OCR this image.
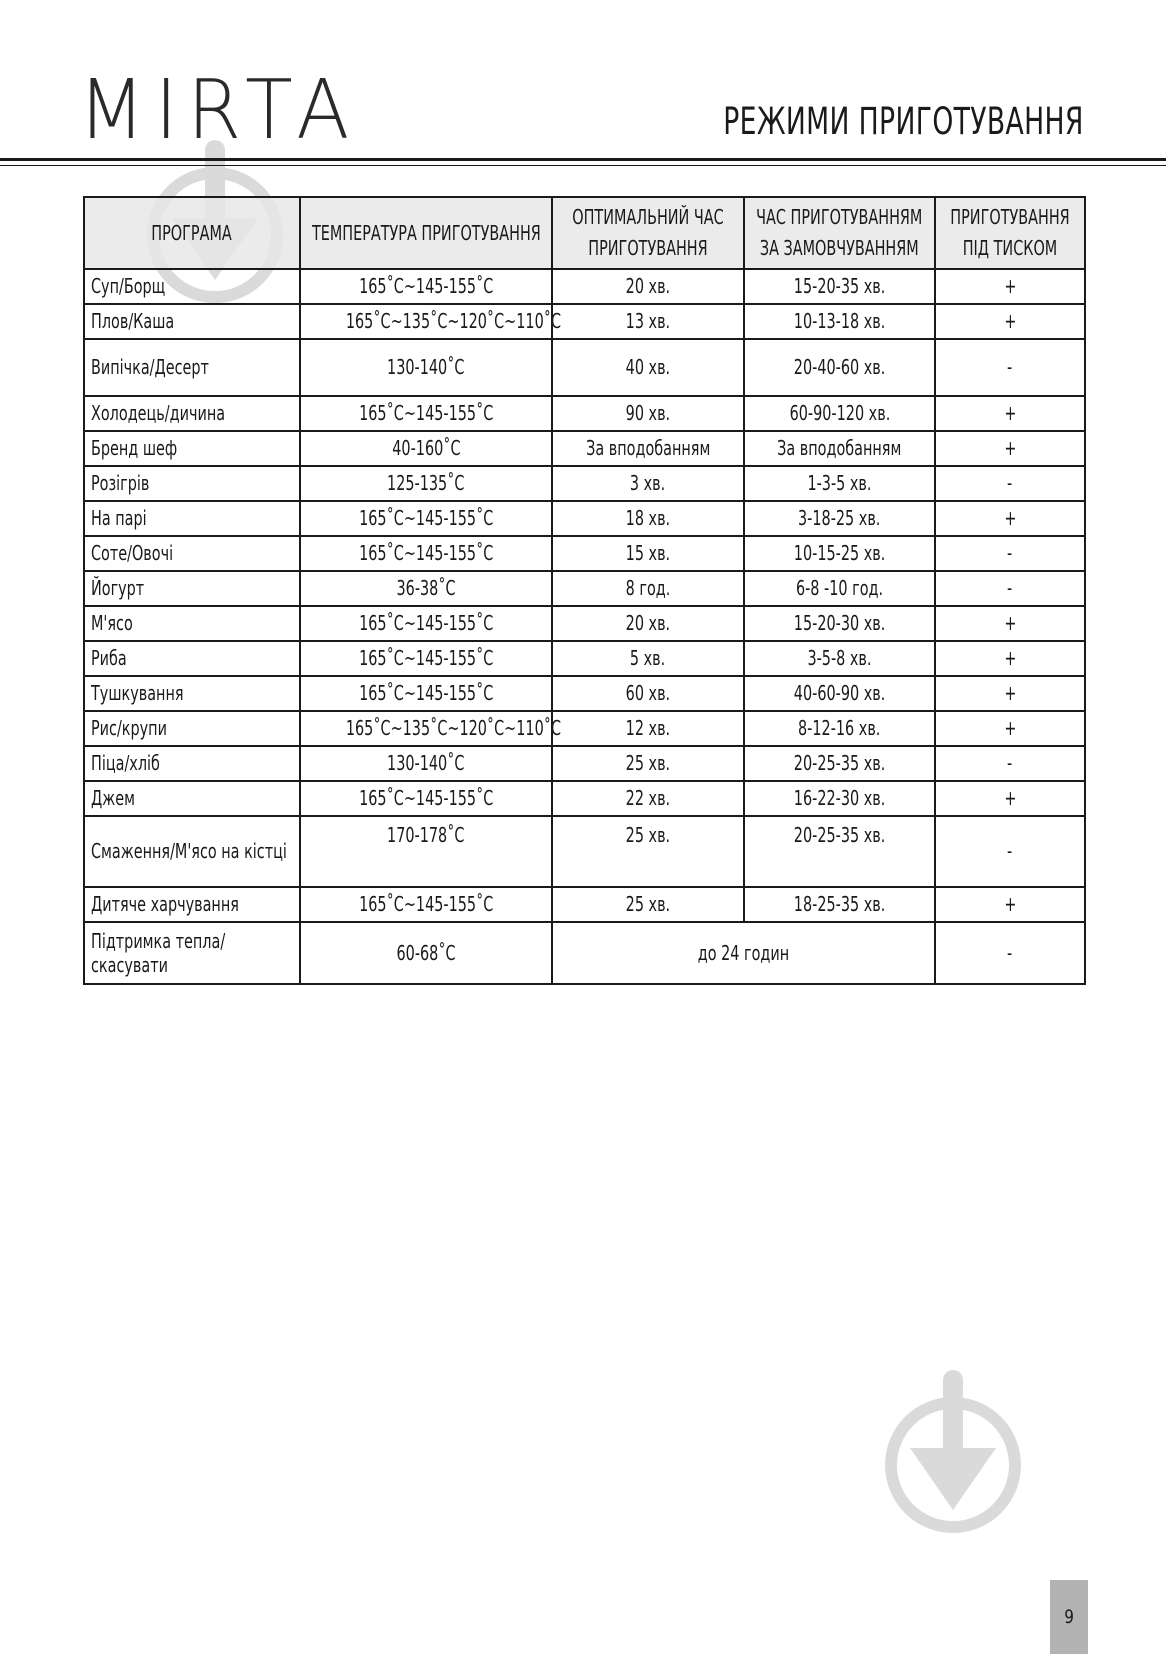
MIRTA	РЕЖИМИ ПРИГОТУВАННЯ
ПРОГРАМА	ТЕМПЕРАТУРА ПРИГОТУВАННЯ	ОПТИМАЛЬНИЙ ЧАС ПРИГОТУВАННЯ	ЧАС ПРИГОТУВАННЯМ ЗА ЗАМОВЧУВАННЯМ	ПРИГОТУВАННЯ ПІД ТИСКОМ
Суп/Борщ	165˚С~145-155˚С	20 хв.	15-20-35 хв.	+
Плов/Каша	165˚С~135˚С~120˚С~110˚С	13 хв.	10-13-18 хв.	+
Випічка/Десерт	130-140˚С	40 хв.	20-40-60 хв.	-
Холодець/дичина	165˚С~145-155˚С	90 хв.	60-90-120 хв.	+
Бренд шеф	40-160˚С	За вподобанням	За вподобанням	+
Розігрів	125-135˚С	3 хв.	1-3-5 хв.	-
На парі	165˚С~145-155˚С	18 хв.	3-18-25 хв.	+
Соте/Овочі	165˚С~145-155˚С	15 хв.	10-15-25 хв.	-
Йогурт	36-38˚С	8 год.	6-8 -10 год.	-
М'ясо	165˚С~145-155˚С	20 хв.	15-20-30 хв.	+
Риба	165˚С~145-155˚С	5 хв.	3-5-8 хв.	+
Тушкування	165˚С~145-155˚С	60 хв.	40-60-90 хв.	+
Рис/крупи	165˚С~135˚С~120˚С~110˚С	12 хв.	8-12-16 хв.	+
Піца/хліб	130-140˚С	25 хв.	20-25-35 хв.	-
Джем	165˚С~145-155˚С	22 хв.	16-22-30 хв.	+
Смаження/М'ясо на кістці	170-178˚С	25 хв.	20-25-35 хв.	-
Дитяче харчування	165˚С~145-155˚С	25 хв.	18-25-35 хв.	+
Підтримка тепла/ скасувати	60-68˚С	до 24 годин		-
9
